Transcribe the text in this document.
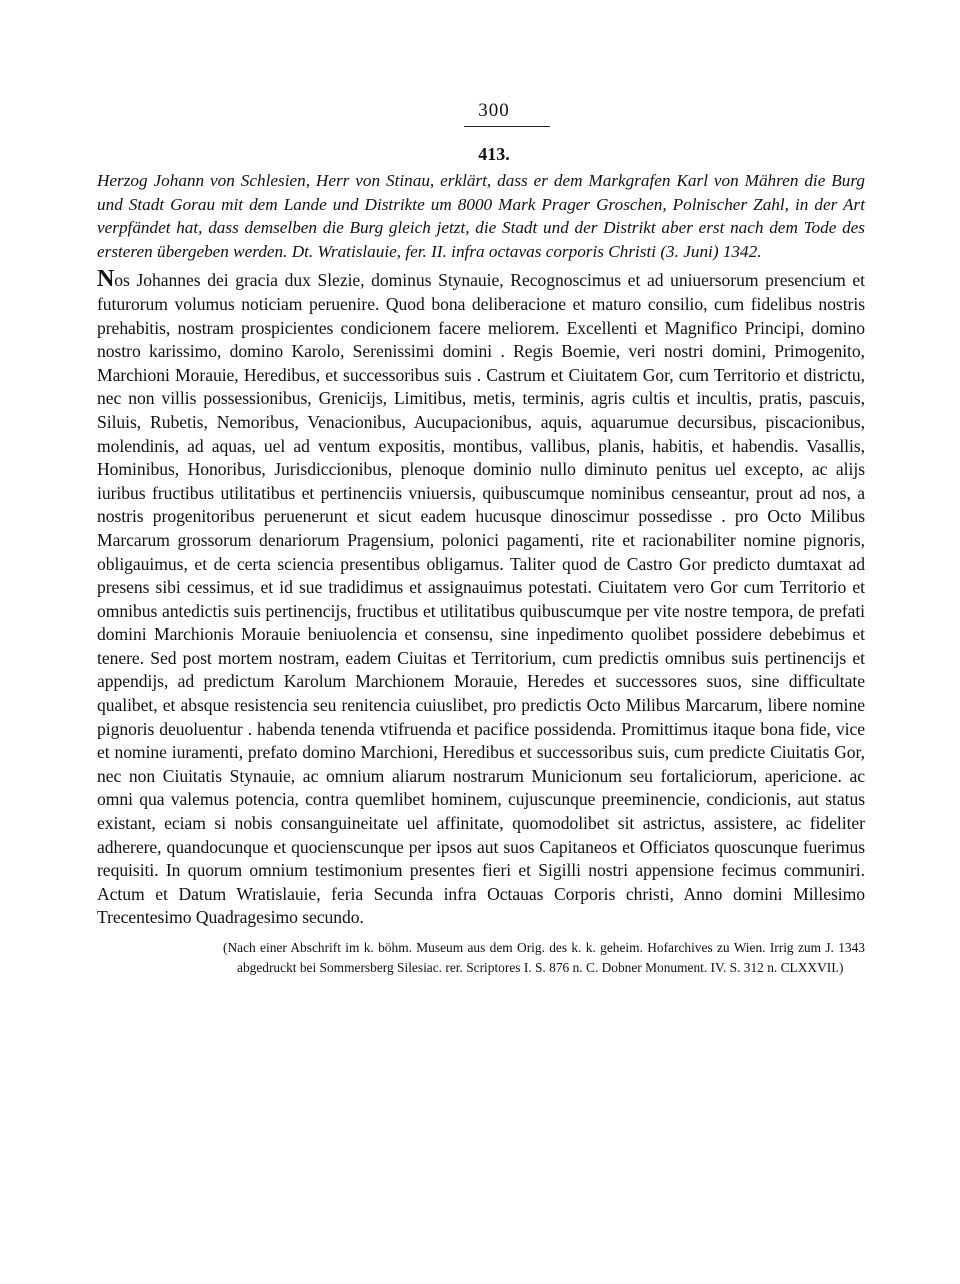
300
413.

Herzog Johann von Schlesien, Herr von Stinau, erklärt, dass er dem Markgrafen Karl von Mähren die Burg und Stadt Gorau mit dem Lande und Distrikte um 8000 Mark Prager Groschen, Polnischer Zahl, in der Art verpfändet hat, dass demselben die Burg gleich jetzt, die Stadt und der Distrikt aber erst nach dem Tode des ersteren übergeben werden. Dt. Wratislauie, fer. II. infra octavas corporis Christi (3. Juni) 1342.

Nos Johannes dei gracia dux Slezie, dominus Stynauie, Recognoscimus et ad uniuersorum presencium et futurorum volumus noticiam peruenire. Quod bona deliberacione et maturo consilio, cum fidelibus nostris prehabitis, nostram prospicientes condicionem facere meliorem. Excellenti et Magnifico Principi, domino nostro karissimo, domino Karolo, Serenissimi domini . Regis Boemie, veri nostri domini, Primogenito, Marchioni Morauie, Heredibus, et successoribus suis . Castrum et Ciuitatem Gor, cum Territorio et districtu, nec non villis possessionibus, Grenicijs, Limitibus, metis, terminis, agris cultis et incultis, pratis, pascuis, Siluis, Rubetis, Nemoribus, Venacionibus, Aucupacionibus, aquis, aquarumue decursibus, piscacionibus, molendinis, ad aquas, uel ad ventum expositis, montibus, vallibus, planis, habitis, et habendis. Vasallis, Hominibus, Honoribus, Jurisdiccionibus, plenoque dominio nullo diminuto penitus uel excepto, ac alijs iuribus fructibus utilitatibus et pertinenciis vniuersis, quibuscumque nominibus censeantur, prout ad nos, a nostris progenitoribus peruenerunt et sicut eadem hucusque dinoscimur possedisse . pro Octo Milibus Marcarum grossorum denariorum Pragensium, polonici pagamenti, rite et racionabiliter nomine pignoris, obligauimus, et de certa sciencia presentibus obligamus. Taliter quod de Castro Gor predicto dumtaxat ad presens sibi cessimus, et id sue tradidimus et assignauimus potestati. Ciuitatem vero Gor cum Territorio et omnibus antedictis suis pertinencijs, fructibus et utilitatibus quibuscumque per vite nostre tempora, de prefati domini Marchionis Morauie beniuolencia et consensu, sine inpedimento quolibet possidere debebimus et tenere. Sed post mortem nostram, eadem Ciuitas et Territorium, cum predictis omnibus suis pertinencijs et appendijs, ad predictum Karolum Marchionem Morauie, Heredes et successores suos, sine difficultate qualibet, et absque resistencia seu renitencia cuiuslibet, pro predictis Octo Milibus Marcarum, libere nomine pignoris deuoluentur . habenda tenenda vtifruenda et pacifice possidenda. Promittimus itaque bona fide, vice et nomine iuramenti, prefato domino Marchioni, Heredibus et successoribus suis, cum predicte Ciuitatis Gor, nec non Ciuitatis Stynauie, ac omnium aliarum nostrarum Municionum seu fortaliciorum, apericione. ac omni qua valemus potencia, contra quemlibet hominem, cujuscunque preeminencie, condicionis, aut status existant, eciam si nobis consanguineitate uel affinitate, quomodolibet sit astrictus, assistere, ac fideliter adherere, quandocunque et quocienscunque per ipsos aut suos Capitaneos et Officiatos quoscunque fuerimus requisiti. In quorum omnium testimonium presentes fieri et Sigilli nostri appensione fecimus communiri. Actum et Datum Wratislauie, feria Secunda infra Octauas Corporis christi, Anno domini Millesimo Trecentesimo Quadragesimo secundo.

(Nach einer Abschrift im k. böhm. Museum aus dem Orig. des k. k. geheim. Hofarchives zu Wien. Irrig zum J. 1343 abgedruckt bei Sommersberg Silesiac. rer. Scriptores I. S. 876 n. C. Dobner Monument. IV. S. 312 n. CLXXVII.)
